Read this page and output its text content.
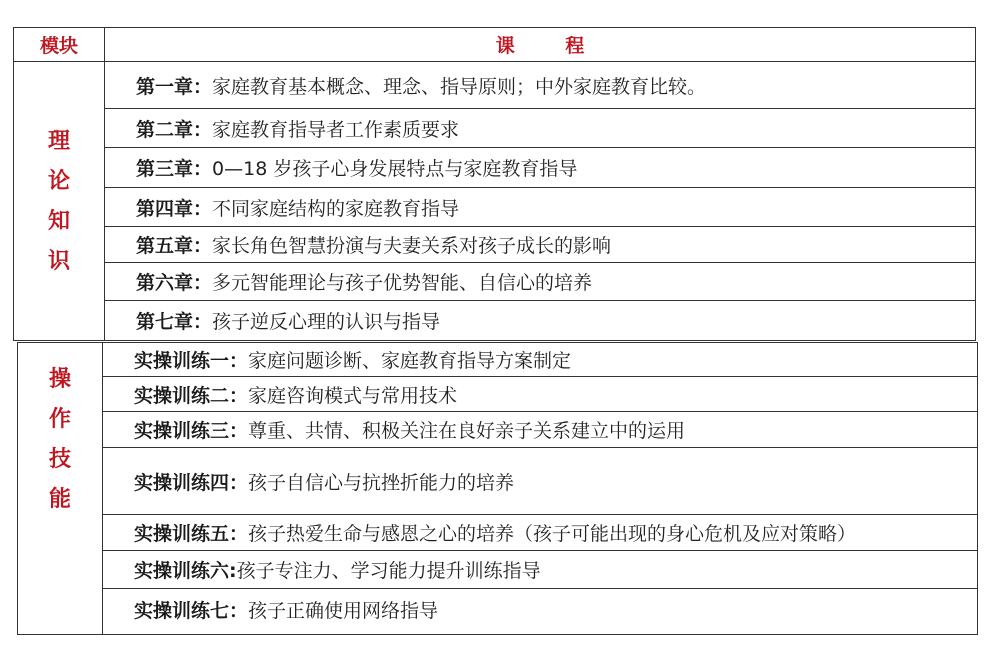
模块	课 程
理
论
知
识
操
作
技
能
第一章： 家庭教育基本概念、理念、指导原则；中外家庭教育比较。
第二章： 家庭教育指导者工作素质要求
第三章： 0—18 岁孩子心身发展特点与家庭教育指导
第四章： 不同家庭结构的家庭教育指导
第五章： 家长角色智慧扮演与夫妻关系对孩子成长的影响
第六章： 多元智能理论与孩子优势智能、自信心的培养
第七章： 孩子逆反心理的认识与指导
实操训练一： 家庭问题诊断、家庭教育指导方案制定
实操训练二： 家庭咨询模式与常用技术
实操训练三： 尊重、共情、积极关注在良好亲子关系建立中的运用
实操训练四： 孩子自信心与抗挫折能力的培养
实操训练五： 孩子热爱生命与感恩之心的培养（孩子可能出现的身心危机及应对策略）
实操训练六: 孩子专注力、学习能力提升训练指导
实操训练七： 孩子正确使用网络指导
